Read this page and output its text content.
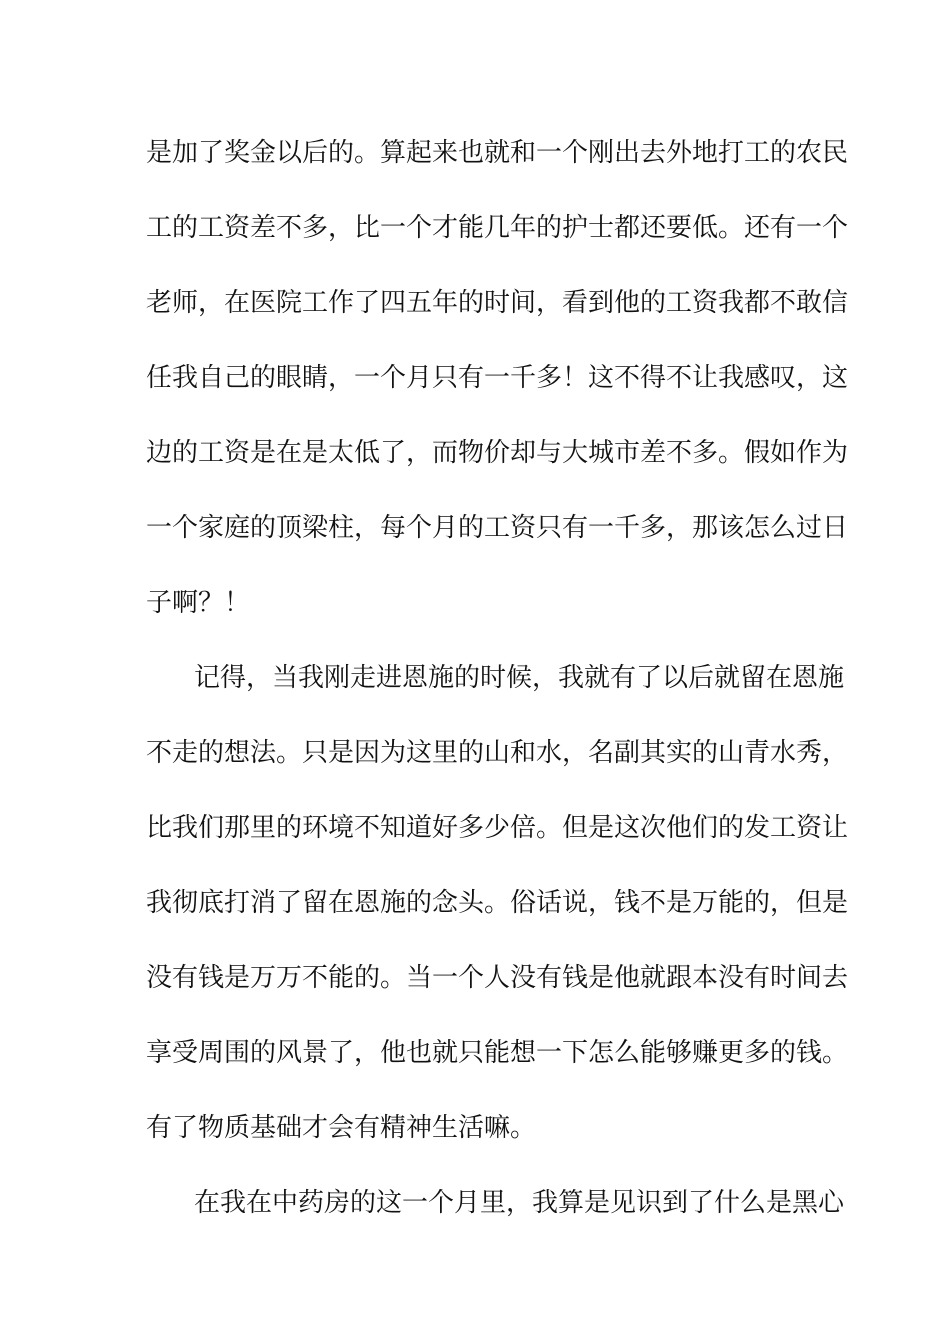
是加了奖金以后的。算起来也就和一个刚出去外地打工的农民
工的工资差不多，比一个才能几年的护士都还要低。还有一个
老师，在医院工作了四五年的时间，看到他的工资我都不敢信
任我自己的眼睛，一个月只有一千多！这不得不让我感叹，这
边的工资是在是太低了，而物价却与大城市差不多。假如作为
一个家庭的顶梁柱，每个月的工资只有一千多，那该怎么过日
子啊？！
记得，当我刚走进恩施的时候，我就有了以后就留在恩施
不走的想法。只是因为这里的山和水，名副其实的山青水秀，
比我们那里的环境不知道好多少倍。但是这次他们的发工资让
我彻底打消了留在恩施的念头。俗话说，钱不是万能的，但是
没有钱是万万不能的。当一个人没有钱是他就跟本没有时间去
享受周围的风景了，他也就只能想一下怎么能够赚更多的钱。
有了物质基础才会有精神生活嘛。
在我在中药房的这一个月里，我算是见识到了什么是黑心
